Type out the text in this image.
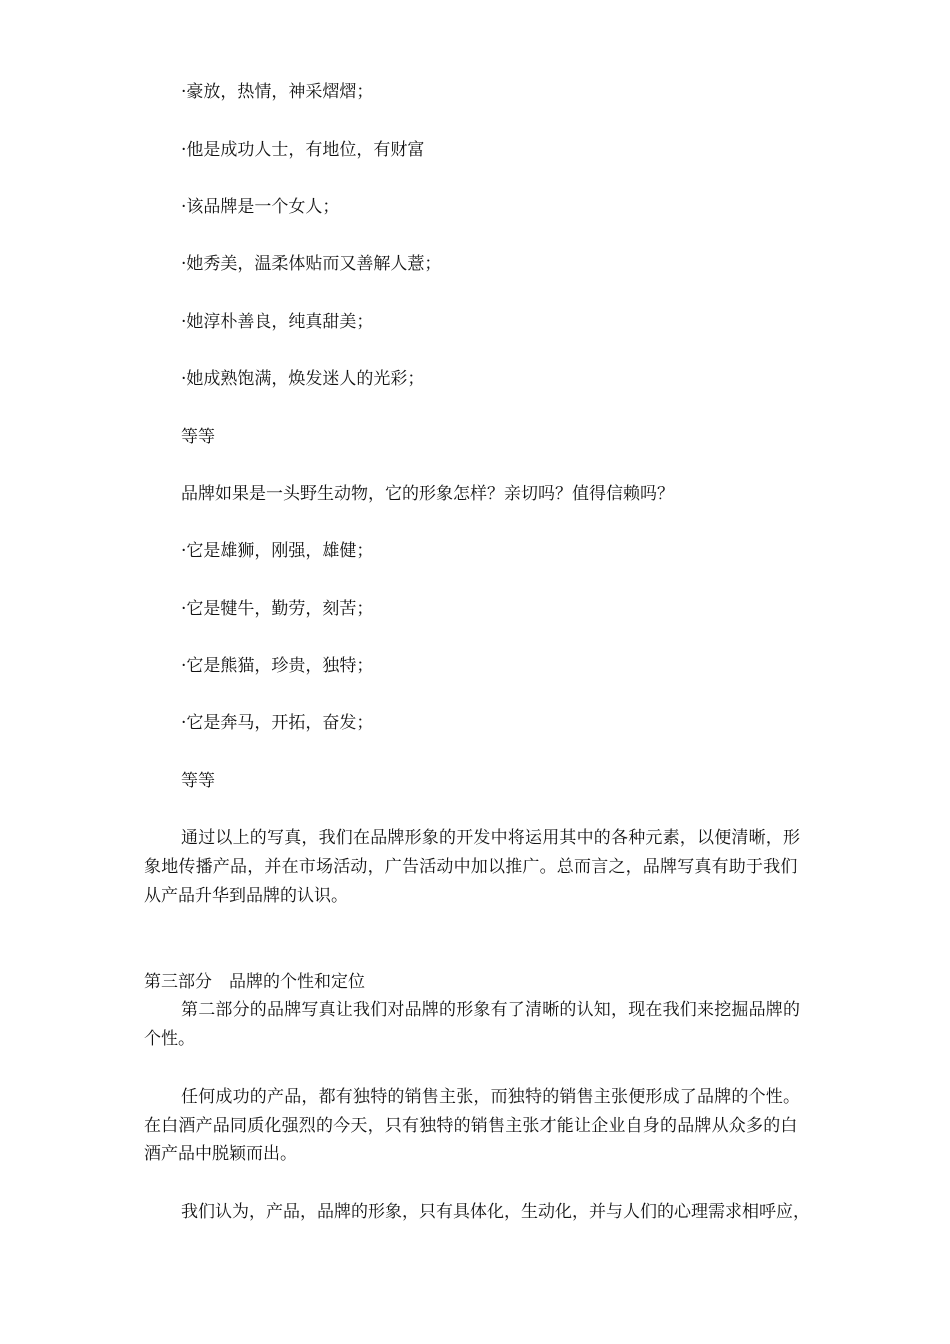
·豪放，热情，神采熠熠；
·他是成功人士，有地位，有财富
·该品牌是一个女人；
·她秀美，温柔体贴而又善解人薏；
·她淳朴善良，纯真甜美；
·她成熟饱满，焕发迷人的光彩；
等等
品牌如果是一头野生动物，它的形象怎样？亲切吗？值得信赖吗？
·它是雄狮，刚强，雄健；
·它是犍牛，勤劳，刻苦；
·它是熊猫，珍贵，独特；
·它是奔马，开拓，奋发；
等等
通过以上的写真，我们在品牌形象的开发中将运用其中的各种元素，以便清晰，形
象地传播产品，并在市场活动，广告活动中加以推广。总而言之，品牌写真有助于我们
从产品升华到品牌的认识。
第三部分　品牌的个性和定位
第二部分的品牌写真让我们对品牌的形象有了清晰的认知，现在我们来挖掘品牌的
个性。
任何成功的产品，都有独特的销售主张，而独特的销售主张便形成了品牌的个性。
在白酒产品同质化强烈的今天，只有独特的销售主张才能让企业自身的品牌从众多的白
酒产品中脱颖而出。
我们认为，产品，品牌的形象，只有具体化，生动化，并与人们的心理需求相呼应，
